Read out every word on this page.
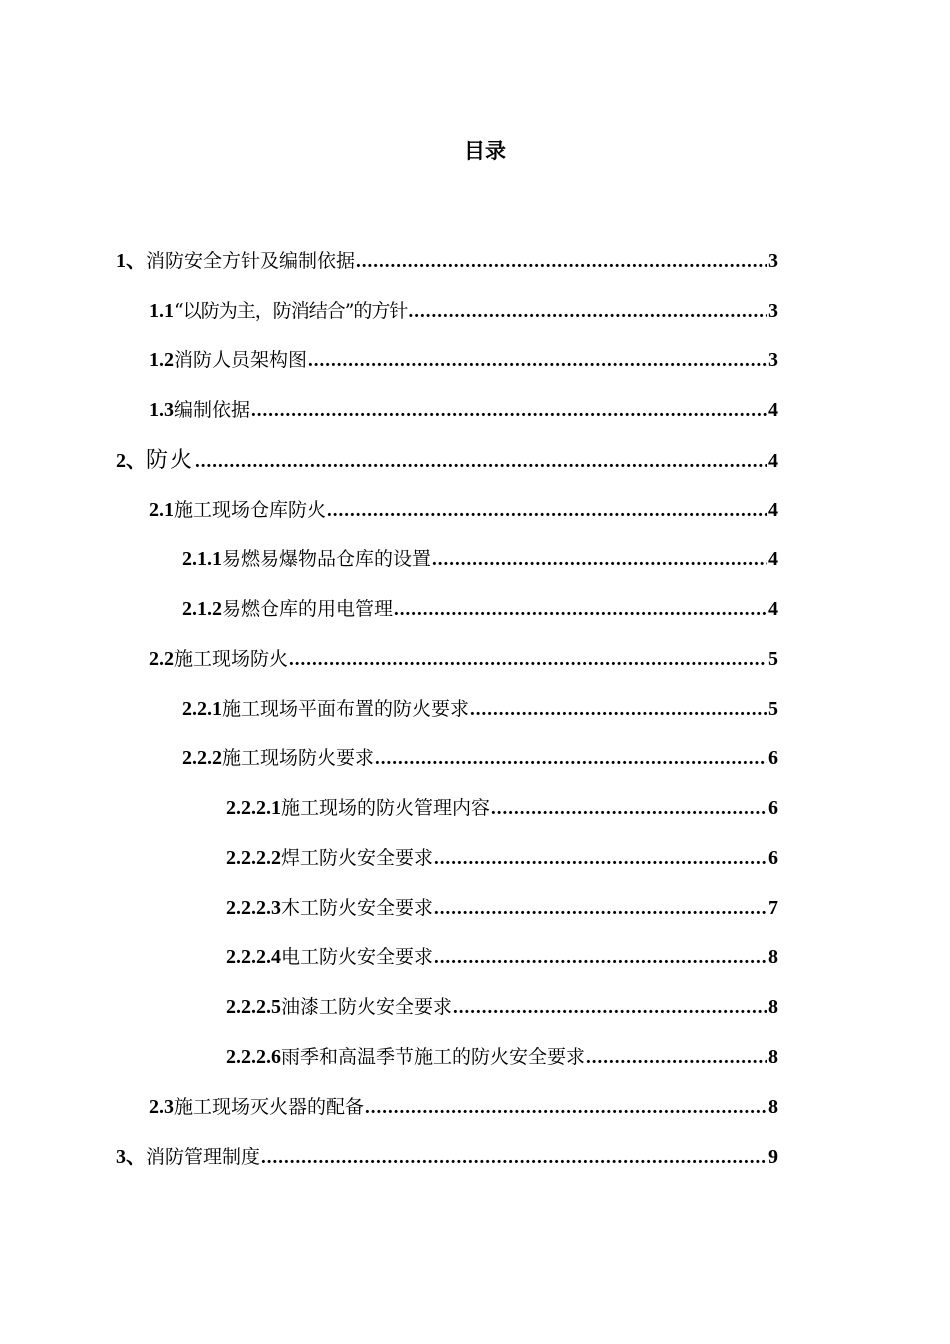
目录
1、 消防安全方针及编制依据 .....	3
1.1 “以防为主，防消结合”的方针 .....	3
1.2 消防人员架构图 .....	3
1.3 编制依据 .....	4
2、 防火 .....	4
2.1 施工现场仓库防火 .....	4
2.1.1 易燃易爆物品仓库的设置 .....	4
2.1.2 易燃仓库的用电管理 .....	4
2.2 施工现场防火 .....	5
2.2.1 施工现场平面布置的防火要求 .....	5
2.2.2 施工现场防火要求 .....	6
2.2.2.1 施工现场的防火管理内容 .....	6
2.2.2.2 焊工防火安全要求 .....	6
2.2.2.3 木工防火安全要求 .....	7
2.2.2.4 电工防火安全要求 .....	8
2.2.2.5 油漆工防火安全要求 .....	8
2.2.2.6 雨季和高温季节施工的防火安全要求 .....	8
2.3 施工现场灭火器的配备 .....	8
3、 消防管理制度 .....	9
